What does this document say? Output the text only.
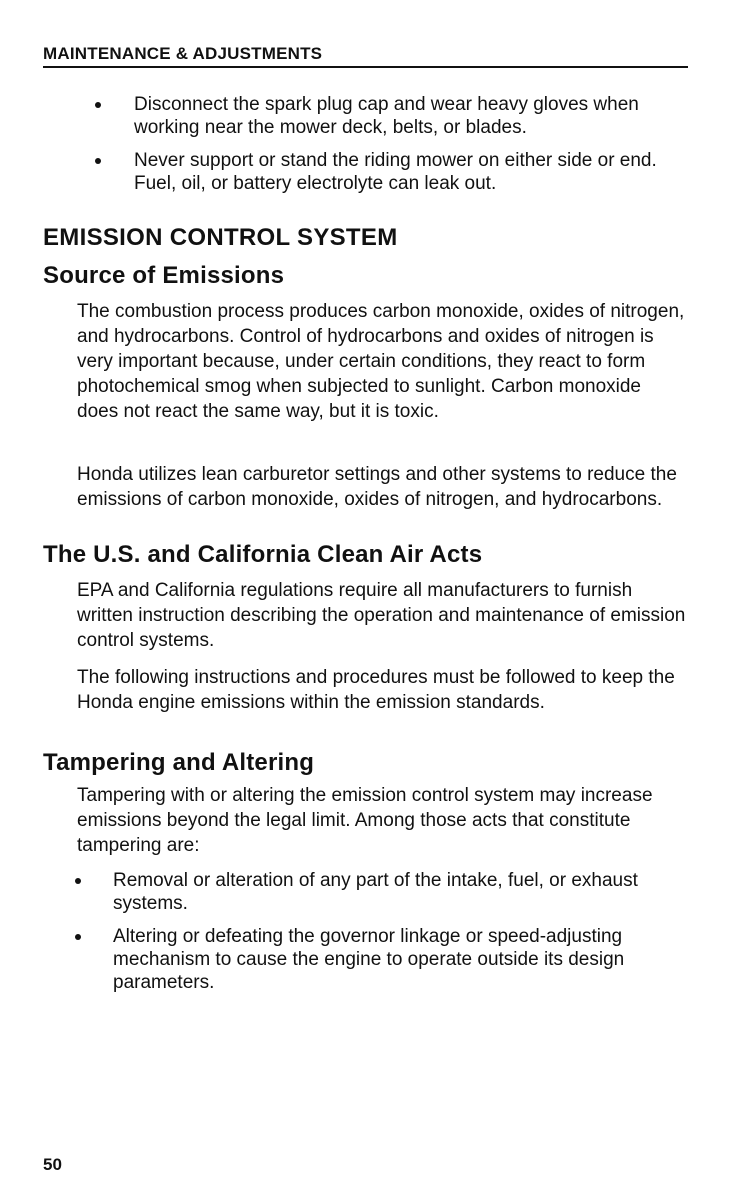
MAINTENANCE & ADJUSTMENTS
Disconnect the spark plug cap and wear heavy gloves when working near the mower deck, belts, or blades.
Never support or stand the riding mower on either side or end. Fuel, oil, or battery electrolyte can leak out.
EMISSION CONTROL SYSTEM
Source of Emissions

The combustion process produces carbon monoxide, oxides of nitrogen, and hydrocarbons. Control of hydrocarbons and oxides of nitrogen is very important because, under certain conditions, they react to form photochemical smog when subjected to sunlight. Carbon monoxide does not react the same way, but it is toxic.

Honda utilizes lean carburetor settings and other systems to reduce the emissions of carbon monoxide, oxides of nitrogen, and hydrocarbons.

The U.S. and California Clean Air Acts

EPA and California regulations require all manufacturers to furnish written instruction describing the operation and maintenance of emission control systems.

The following instructions and procedures must be followed to keep the Honda engine emissions within the emission standards.

Tampering and Altering

Tampering with or altering the emission control system may increase emissions beyond the legal limit. Among those acts that constitute tampering are:

Removal or alteration of any part of the intake, fuel, or exhaust systems.
Altering or defeating the governor linkage or speed-adjusting mechanism to cause the engine to operate outside its design parameters.
50
